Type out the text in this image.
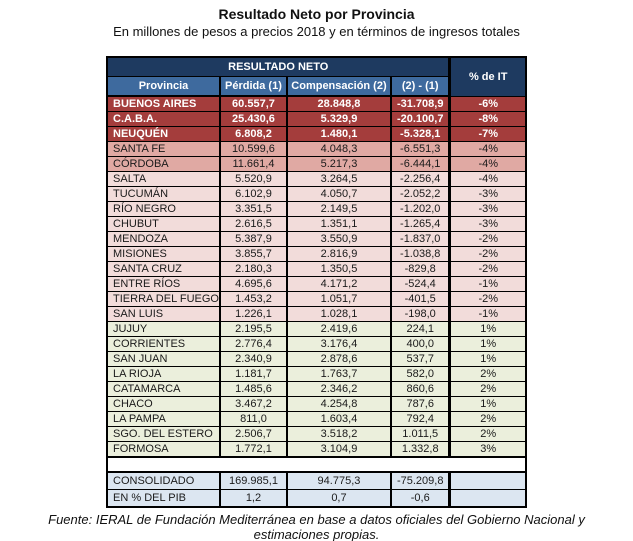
Resultado Neto por Provincia
En millones de pesos a precios 2018 y en términos de ingresos totales
RESULTADO NETO				% de IT
Provincia	Pérdida (1)	Compensación (2)	(2) - (1)	
BUENOS AIRES	60.557,7	28.848,8	-31.708,9	-6%
C.A.B.A.	25.430,6	5.329,9	-20.100,7	-8%
NEUQUÉN	6.808,2	1.480,1	-5.328,1	-7%
SANTA FE	10.599,6	4.048,3	-6.551,3	-4%
CÓRDOBA	11.661,4	5.217,3	-6.444,1	-4%
SALTA	5.520,9	3.264,5	-2.256,4	-4%
TUCUMÁN	6.102,9	4.050,7	-2.052,2	-3%
RÍO NEGRO	3.351,5	2.149,5	-1.202,0	-3%
CHUBUT	2.616,5	1.351,1	-1.265,4	-3%
MENDOZA	5.387,9	3.550,9	-1.837,0	-2%
MISIONES	3.855,7	2.816,9	-1.038,8	-2%
SANTA CRUZ	2.180,3	1.350,5	-829,8	-2%
ENTRE RÍOS	4.695,6	4.171,2	-524,4	-1%
TIERRA DEL FUEGO	1.453,2	1.051,7	-401,5	-2%
SAN LUIS	1.226,1	1.028,1	-198,0	-1%
JUJUY	2.195,5	2.419,6	224,1	1%
CORRIENTES	2.776,4	3.176,4	400,0	1%
SAN JUAN	2.340,9	2.878,6	537,7	1%
LA RIOJA	1.181,7	1.763,7	582,0	2%
CATAMARCA	1.485,6	2.346,2	860,6	2%
CHACO	3.467,2	4.254,8	787,6	1%
LA PAMPA	811,0	1.603,4	792,4	2%
SGO. DEL ESTERO	2.506,7	3.518,2	1.011,5	2%
FORMOSA	1.772,1	3.104,9	1.332,8	3%

CONSOLIDADO	169.985,1	94.775,3	-75.209,8	
EN % DEL PIB	1,2	0,7	-0,6	
Fuente: IERAL de Fundación Mediterránea en base a datos oficiales del Gobierno Nacional y estimaciones propias.
